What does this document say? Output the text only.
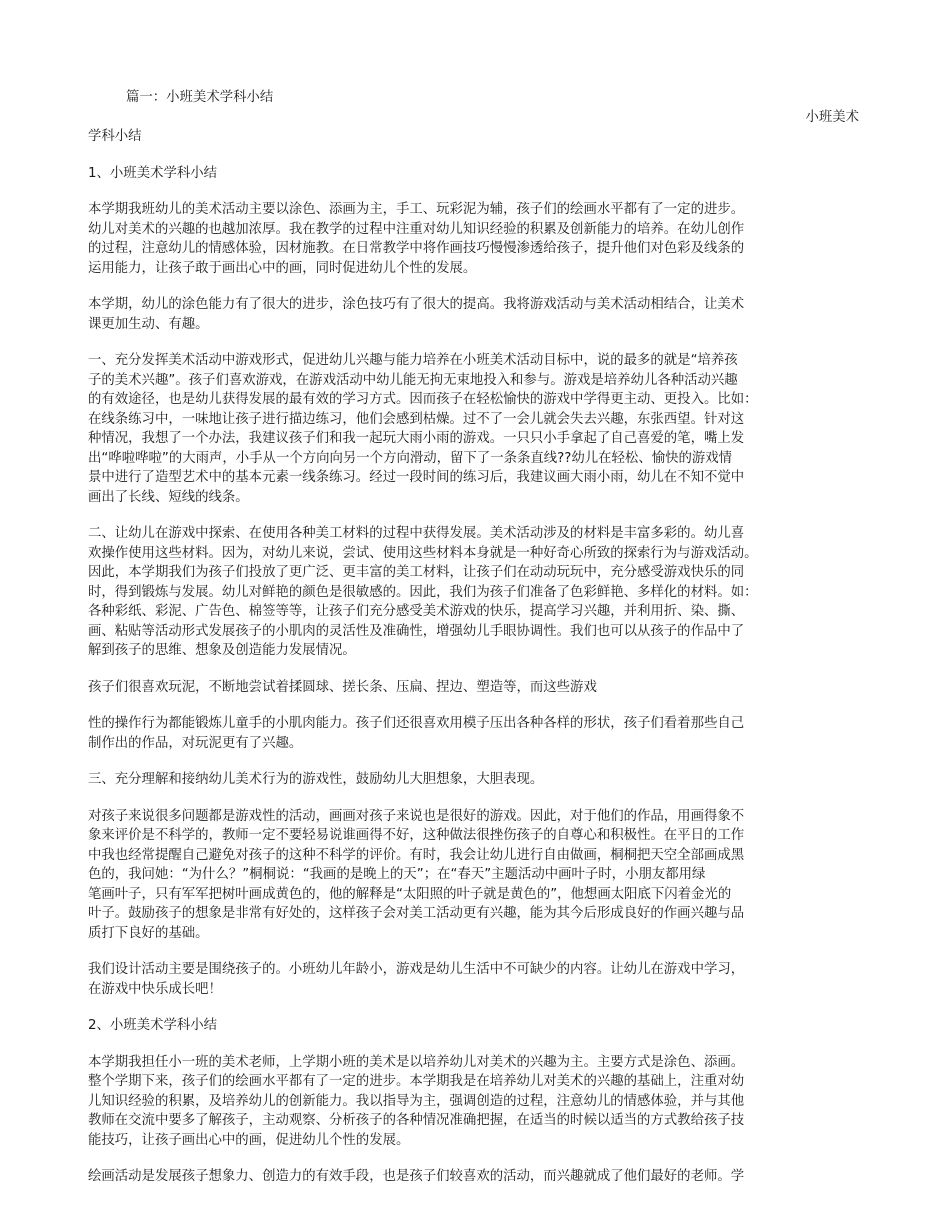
篇一：小班美术学科小结

小班美术

学科小结

1、小班美术学科小结

本学期我班幼儿的美术活动主要以涂色、添画为主，手工、玩彩泥为辅，孩子们的绘画水平都有了一定的进步。

幼儿对美术的兴趣的也越加浓厚。我在教学的过程中注重对幼儿知识经验的积累及创新能力的培养。在幼儿创作

的过程，注意幼儿的情感体验，因材施教。在日常教学中将作画技巧慢慢渗透给孩子，提升他们对色彩及线条的

运用能力，让孩子敢于画出心中的画，同时促进幼儿个性的发展。

本学期，幼儿的涂色能力有了很大的进步，涂色技巧有了很大的提高。我将游戏活动与美术活动相结合，让美术

课更加生动、有趣。

一、充分发挥美术活动中游戏形式，促进幼儿兴趣与能力培养在小班美术活动目标中，说的最多的就是“培养孩

子的美术兴趣”。孩子们喜欢游戏，在游戏活动中幼儿能无拘无束地投入和参与。游戏是培养幼儿各种活动兴趣

的有效途径，也是幼儿获得发展的最有效的学习方式。因而孩子在轻松愉快的游戏中学得更主动、更投入。比如：

在线条练习中，一味地让孩子进行描边练习，他们会感到枯燥。过不了一会儿就会失去兴趣，东张西望。针对这

种情况，我想了一个办法，我建议孩子们和我一起玩大雨小雨的游戏。一只只小手拿起了自己喜爱的笔，嘴上发

出“哗啦哗啦”的大雨声，小手从一个方向向另一个方向滑动，留下了一条条直线??幼儿在轻松、愉快的游戏情

景中进行了造型艺术中的基本元素一线条练习。经过一段时间的练习后，我建议画大雨小雨，幼儿在不知不觉中

画出了长线、短线的线条。

二、让幼儿在游戏中探索、在使用各种美工材料的过程中获得发展。美术活动涉及的材料是丰富多彩的。幼儿喜

欢操作使用这些材料。因为，对幼儿来说，尝试、使用这些材料本身就是一种好奇心所致的探索行为与游戏活动。

因此，本学期我们为孩子们投放了更广泛、更丰富的美工材料，让孩子们在动动玩玩中，充分感受游戏快乐的同

时，得到锻炼与发展。幼儿对鲜艳的颜色是很敏感的。因此，我们为孩子们准备了色彩鲜艳、多样化的材料。如：

各种彩纸、彩泥、广告色、棉签等等，让孩子们充分感受美术游戏的快乐，提高学习兴趣，并利用折、染、撕、

画、粘贴等活动形式发展孩子的小肌肉的灵活性及准确性，增强幼儿手眼协调性。我们也可以从孩子的作品中了

解到孩子的思维、想象及创造能力发展情况。

孩子们很喜欢玩泥，不断地尝试着揉圆球、搓长条、压扁、捏边、塑造等，而这些游戏

性的操作行为都能锻炼儿童手的小肌肉能力。孩子们还很喜欢用模子压出各种各样的形状，孩子们看着那些自己

制作出的作品，对玩泥更有了兴趣。

三、充分理解和接纳幼儿美术行为的游戏性，鼓励幼儿大胆想象，大胆表现。

对孩子来说很多问题都是游戏性的活动，画画对孩子来说也是很好的游戏。因此，对于他们的作品，用画得象不

象来评价是不科学的，教师一定不要轻易说谁画得不好，这种做法很挫伤孩子的自尊心和积极性。在平日的工作

中我也经常提醒自己避免对孩子的这种不科学的评价。有时，我会让幼儿进行自由做画，桐桐把天空全部画成黑

色的，我问她：“为什么？”桐桐说：“我画的是晚上的天”；在“春天”主题活动中画叶子时，小朋友都用绿

笔画叶子，只有军军把树叶画成黄色的，他的解释是“太阳照的叶子就是黄色的”，他想画太阳底下闪着金光的

叶子。鼓励孩子的想象是非常有好处的，这样孩子会对美工活动更有兴趣，能为其今后形成良好的作画兴趣与品

质打下良好的基础。

我们设计活动主要是围绕孩子的。小班幼儿年龄小，游戏是幼儿生活中不可缺少的内容。让幼儿在游戏中学习，

在游戏中快乐成长吧！

2、小班美术学科小结

本学期我担任小一班的美术老师，上学期小班的美术是以培养幼儿对美术的兴趣为主。主要方式是涂色、添画。

整个学期下来，孩子们的绘画水平都有了一定的进步。本学期我是在培养幼儿对美术的兴趣的基础上，注重对幼

儿知识经验的积累，及培养幼儿的创新能力。我以指导为主，强调创造的过程，注意幼儿的情感体验，并与其他

教师在交流中要多了解孩子，主动观察、分析孩子的各种情况准确把握，在适当的时候以适当的方式教给孩子技

能技巧，让孩子画出心中的画，促进幼儿个性的发展。

绘画活动是发展孩子想象力、创造力的有效手段，也是孩子们较喜欢的活动，而兴趣就成了他们最好的老师。学
